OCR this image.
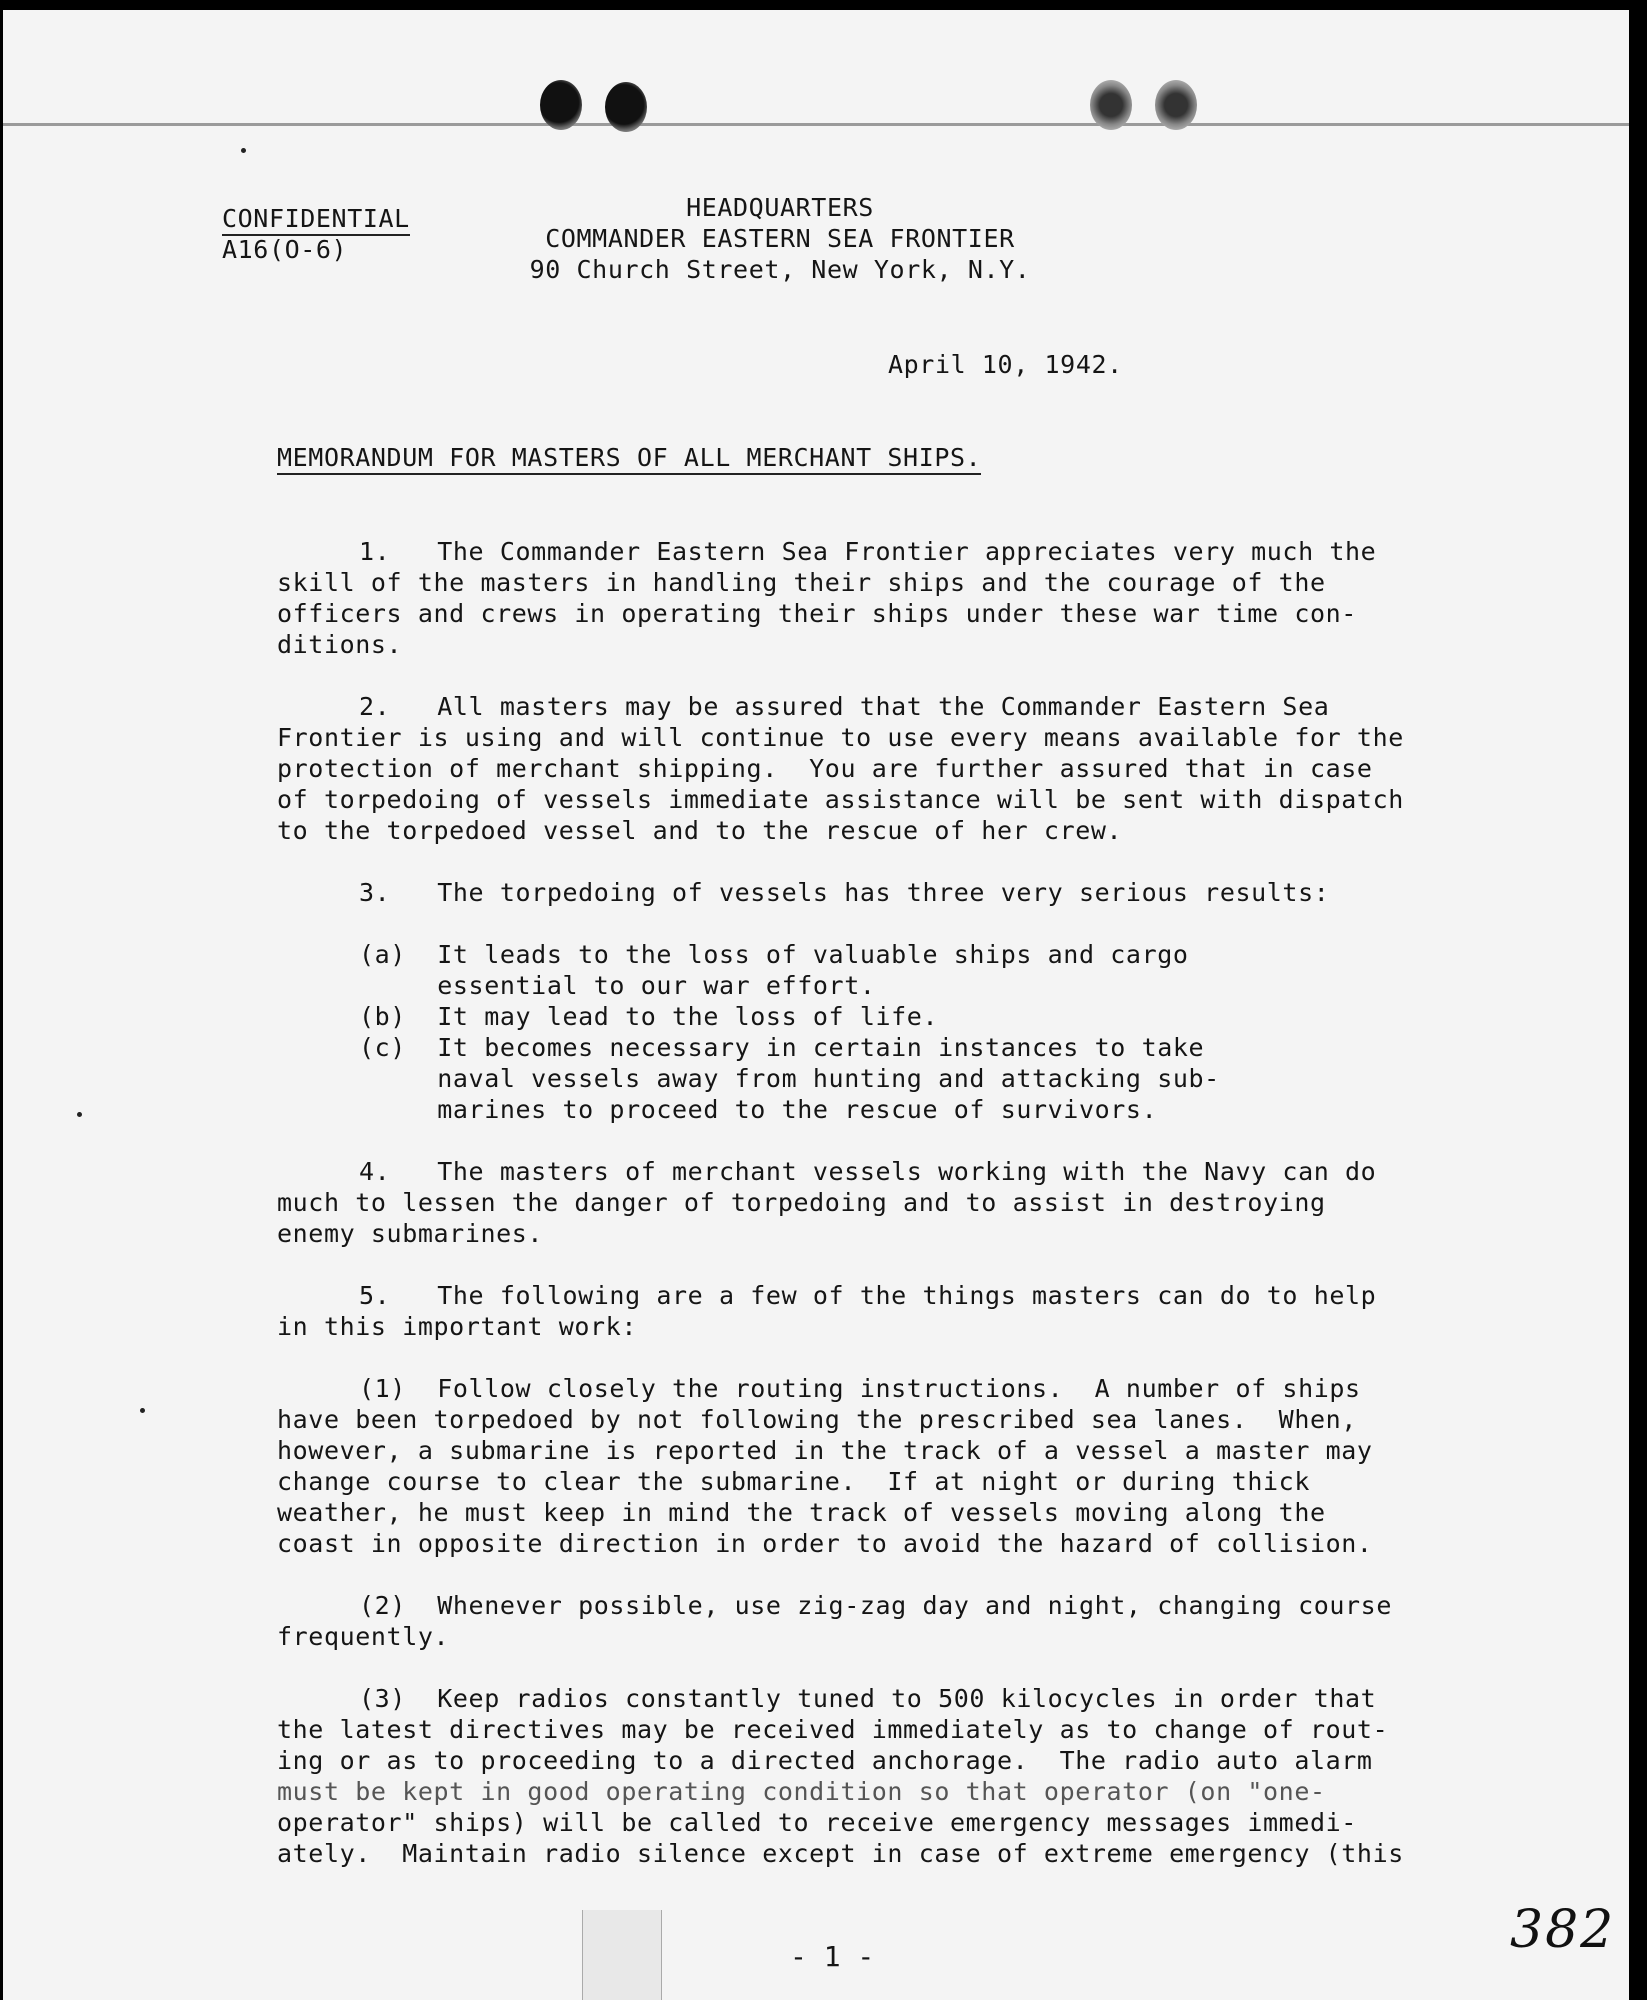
CONFIDENTIAL
A16(O-6)
HEADQUARTERS
COMMANDER EASTERN SEA FRONTIER
90 Church Street, New York, N.Y.
April 10, 1942.
MEMORANDUM FOR MASTERS OF ALL MERCHANT SHIPS.
1.   The Commander Eastern Sea Frontier appreciates very much the
skill of the masters in handling their ships and the courage of the
officers and crews in operating their ships under these war time con-
ditions.
2.   All masters may be assured that the Commander Eastern Sea
Frontier is using and will continue to use every means available for the
protection of merchant shipping.  You are further assured that in case
of torpedoing of vessels immediate assistance will be sent with dispatch
to the torpedoed vessel and to the rescue of her crew.
3.   The torpedoing of vessels has three very serious results:
(a)  It leads to the loss of valuable ships and cargo
essential to our war effort.
(b)  It may lead to the loss of life.
(c)  It becomes necessary in certain instances to take
naval vessels away from hunting and attacking sub-
marines to proceed to the rescue of survivors.
4.   The masters of merchant vessels working with the Navy can do
much to lessen the danger of torpedoing and to assist in destroying
enemy submarines.
5.   The following are a few of the things masters can do to help
in this important work:
(1)  Follow closely the routing instructions.  A number of ships
have been torpedoed by not following the prescribed sea lanes.  When,
however, a submarine is reported in the track of a vessel a master may
change course to clear the submarine.  If at night or during thick
weather, he must keep in mind the track of vessels moving along the
coast in opposite direction in order to avoid the hazard of collision.
(2)  Whenever possible, use zig-zag day and night, changing course
frequently.
(3)  Keep radios constantly tuned to 500 kilocycles in order that
the latest directives may be received immediately as to change of rout-
ing or as to proceeding to a directed anchorage.  The radio auto alarm
must be kept in good operating condition so that operator (on "one-
operator" ships) will be called to receive emergency messages immedi-
ately.  Maintain radio silence except in case of extreme emergency (this
- 1 -	382
